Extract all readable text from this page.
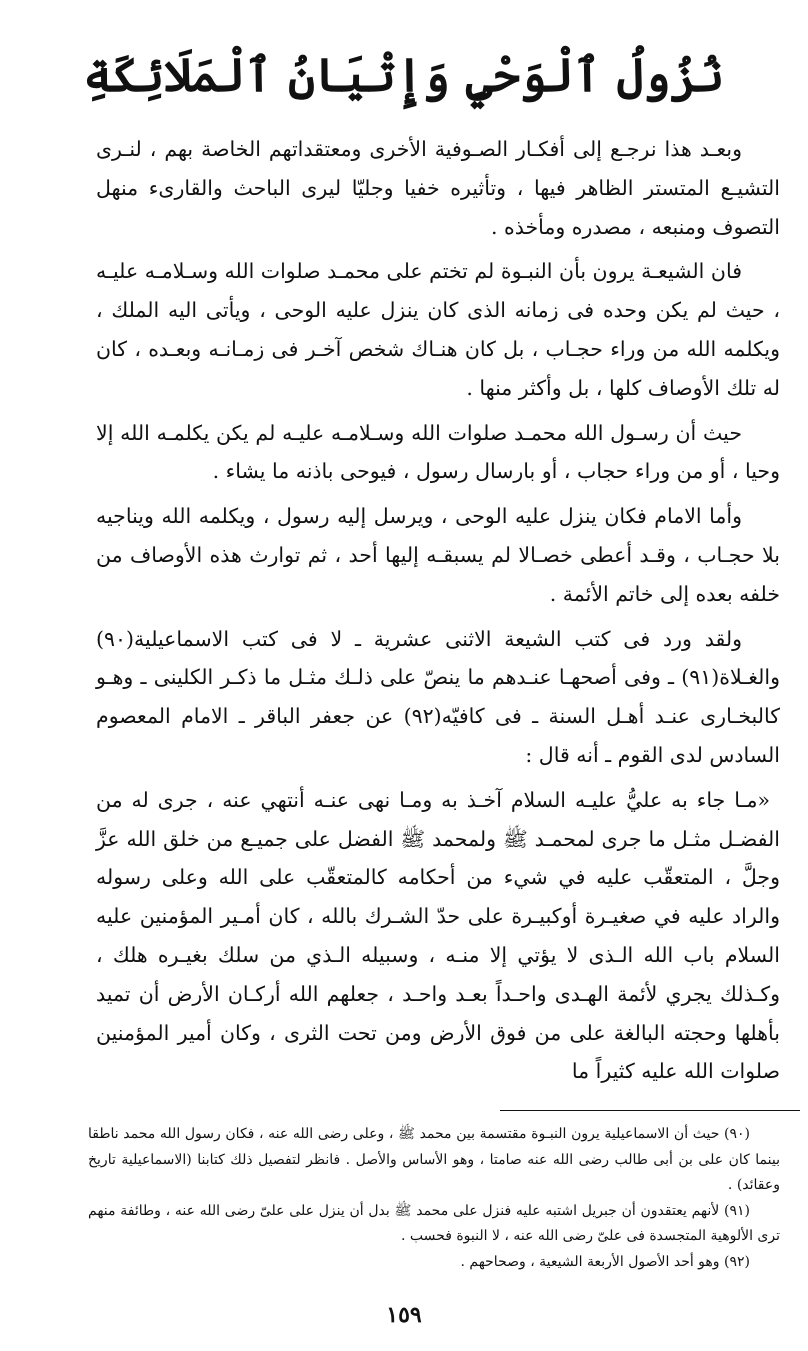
نُزُولُ ٱلْوَحْيِ وَإِتْيَانُ ٱلْمَلَائِكَةِ

وبعـد هذا نرجـع إلى أفكـار الصـوفية الأخرى ومعتقداتهم الخاصة بهم ، لنـرى التشيـع المتستر الظاهر فيها ، وتأثيره خفيا وجليّا ليرى الباحث والقارىء منهل التصوف ومنبعه ، مصدره ومأخذه .

فان الشيعـة يرون بأن النبـوة لم تختم على محمـد صلوات الله وسـلامـه عليـه ، حيث لم يكن وحده فى زمانه الذى كان ينزل عليه الوحى ، ويأتى اليه الملك ، ويكلمه الله من وراء حجـاب ، بل كان هنـاك شخص آخـر فى زمـانـه وبعـده ، كان له تلك الأوصاف كلها ، بل وأكثر منها .

حيث أن رسـول الله محمـد صلوات الله وسـلامـه عليـه لم يكن يكلمـه الله إلا وحيا ، أو من وراء حجاب ، أو بارسال رسول ، فيوحى باذنه ما يشاء .

وأما الامام فكان ينزل عليه الوحى ، ويرسل إليه رسول ، ويكلمه الله ويناجيه بلا حجـاب ، وقـد أعطى خصـالا لم يسبقـه إليها أحد ، ثم توارث هذه الأوصاف من خلفه بعده إلى خاتم الأئمة .

ولقد ورد فى كتب الشيعة الاثنى عشرية ـ لا فى كتب الاسماعيلية(٩٠) والغـلاة(٩١) ـ وفى أصحهـا عنـدهم ما ينصّ على ذلـك مثـل ما ذكـر الكلينى ـ وهـو كالبخـارى عنـد أهـل السنة ـ فى كافيّه(٩٢) عن جعفر الباقر ـ الامام المعصوم السادس لدى القوم ـ أنه قال :

«مـا جاء به عليُّ عليـه السلام آخـذ به ومـا نهى عنـه أنتهي عنه ، جرى له من الفضـل مثـل ما جرى لمحمـد ﷺ ولمحمد ﷺ الفضل على جميـع من خلق الله عزَّ وجلَّ ، المتعقّب عليه في شيء من أحكامه كالمتعقّب على الله وعلى رسوله والراد عليه في صغيـرة أوكبيـرة على حدّ الشـرك بالله ، كان أمـير المؤمنين عليه السلام باب الله الـذى لا يؤتي إلا منـه ، وسبيله الـذي من سلك بغيـره هلك ، وكـذلك يجري لأئمة الهـدى واحـداً بعـد واحـد ، جعلهم الله أركـان الأرض أن تميد بأهلها وحجته البالغة على من فوق الأرض ومن تحت الثرى ، وكان أمير المؤمنين صلوات الله عليه كثيراً ما

(٩٠) حيث أن الاسماعيلية يرون النبـوة مقتسمة بين محمد ﷺ ، وعلى رضى الله عنه ، فكان رسول الله محمد ناطقا بينما كان على بن أبى طالب رضى الله عنه صامتا ، وهو الأساس والأصل . فانظر لتفصيل ذلك كتابنا (الاسماعيلية تاريخ وعقائد) .

(٩١) لأنهم يعتقدون أن جبريل اشتبه عليه فنزل على محمد ﷺ بدل أن ينزل على علىّ رضى الله عنه ، وطائفة منهم ترى الألوهية المتجسدة فى علىّ رضى الله عنه ، لا النبوة فحسب .

(٩٢) وهو أحد الأصول الأربعة الشيعية ، وصحاحهم .

١٥٩
